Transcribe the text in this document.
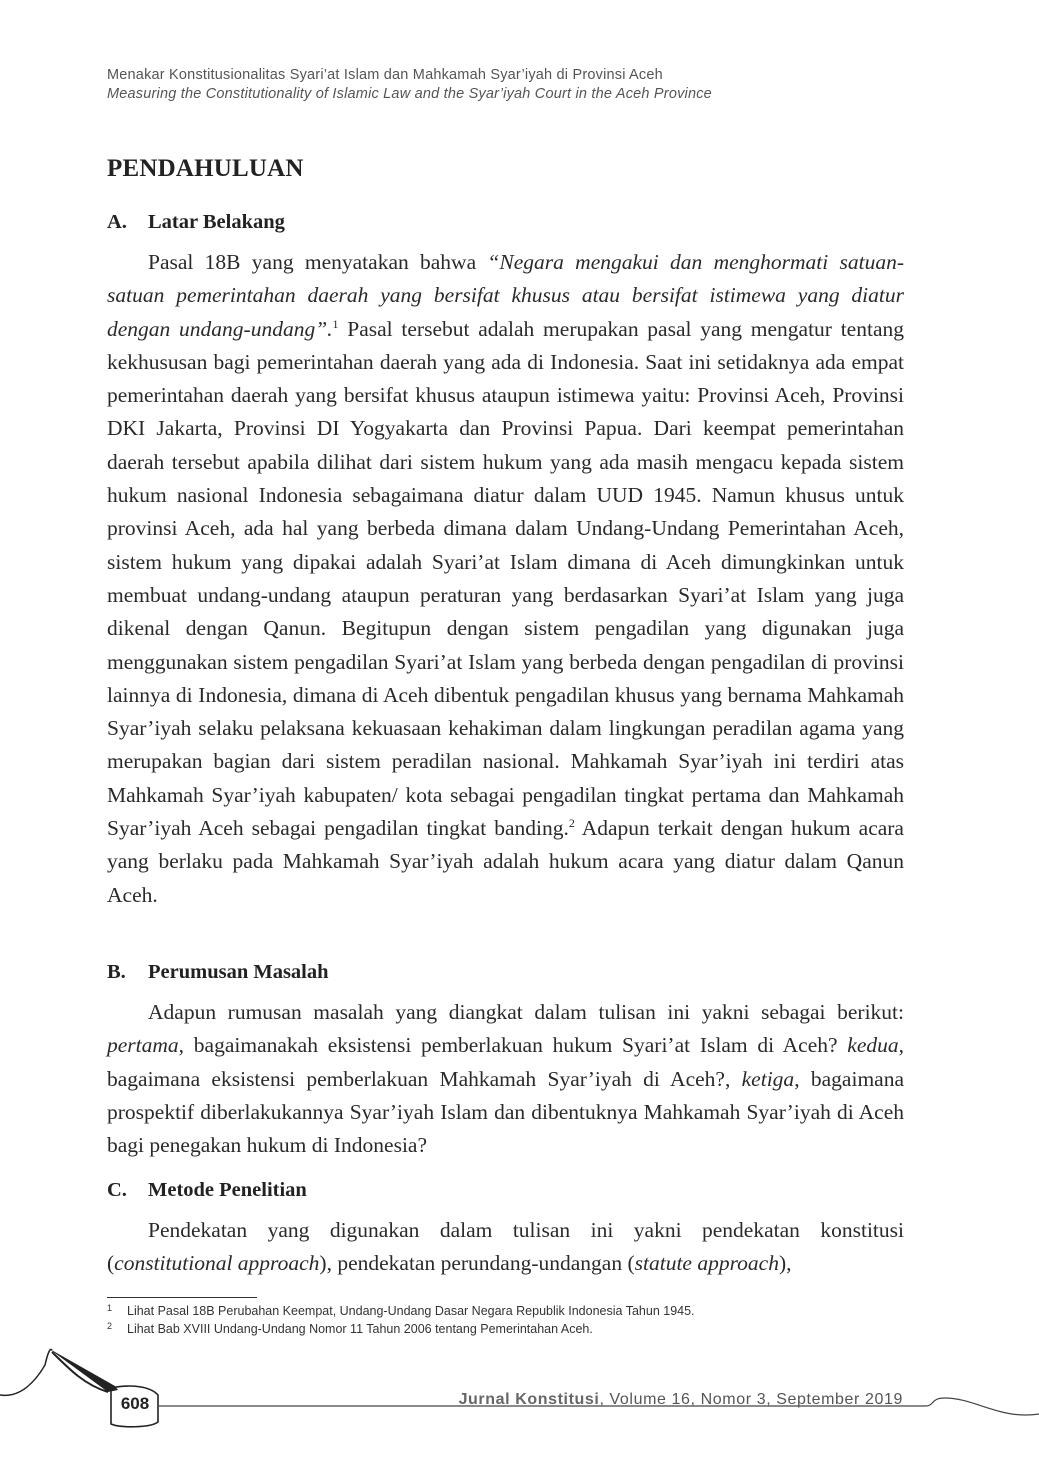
Menakar Konstitusionalitas Syari’at Islam dan Mahkamah Syar’iyah di Provinsi Aceh
Measuring the Constitutionality of Islamic Law and the Syar’iyah Court in the Aceh Province
PENDAHULUAN
A. Latar Belakang

Pasal 18B yang menyatakan bahwa “Negara mengakui dan menghormati satuan-satuan pemerintahan daerah yang bersifat khusus atau bersifat istimewa yang diatur dengan undang-undang”.$^1$ Pasal tersebut adalah merupakan pasal yang mengatur tentang kekhususan bagi pemerintahan daerah yang ada di Indonesia. Saat ini setidaknya ada empat pemerintahan daerah yang bersifat khusus ataupun istimewa yaitu: Provinsi Aceh, Provinsi DKI Jakarta, Provinsi DI Yogyakarta dan Provinsi Papua. Dari keempat pemerintahan daerah tersebut apabila dilihat dari sistem hukum yang ada masih mengacu kepada sistem hukum nasional Indonesia sebagaimana diatur dalam UUD 1945. Namun khusus untuk provinsi Aceh, ada hal yang berbeda dimana dalam Undang-Undang Pemerintahan Aceh, sistem hukum yang dipakai adalah Syari’at Islam dimana di Aceh dimungkinkan untuk membuat undang-undang ataupun peraturan yang berdasarkan Syari’at Islam yang juga dikenal dengan Qanun. Begitupun dengan sistem pengadilan yang digunakan juga menggunakan sistem pengadilan Syari’at Islam yang berbeda dengan pengadilan di provinsi lainnya di Indonesia, dimana di Aceh dibentuk pengadilan khusus yang bernama Mahkamah Syar’iyah selaku pelaksana kekuasaan kehakiman dalam lingkungan peradilan agama yang merupakan bagian dari sistem peradilan nasional. Mahkamah Syar’iyah ini terdiri atas Mahkamah Syar’iyah kabupaten/ kota sebagai pengadilan tingkat pertama dan Mahkamah Syar’iyah Aceh sebagai pengadilan tingkat banding.$^2$ Adapun terkait dengan hukum acara yang berlaku pada Mahkamah Syar’iyah adalah hukum acara yang diatur dalam Qanun Aceh.

B. Perumusan Masalah

Adapun rumusan masalah yang diangkat dalam tulisan ini yakni sebagai berikut: pertama, bagaimanakah eksistensi pemberlakuan hukum Syari’at Islam di Aceh? kedua, bagaimana eksistensi pemberlakuan Mahkamah Syar’iyah di Aceh?, ketiga, bagaimana prospektif diberlakukannya Syar’iyah Islam dan dibentuknya Mahkamah Syar’iyah di Aceh bagi penegakan hukum di Indonesia?

C. Metode Penelitian

Pendekatan yang digunakan dalam tulisan ini yakni pendekatan konstitusi (constitutional approach), pendekatan perundang-undangan (statute approach),

1	Lihat Pasal 18B Perubahan Keempat, Undang-Undang Dasar Negara Republik Indonesia Tahun 1945.
2	Lihat Bab XVIII Undang-Undang Nomor 11 Tahun 2006 tentang Pemerintahan Aceh.
608	Jurnal Konstitusi, Volume 16, Nomor 3, September 2019
